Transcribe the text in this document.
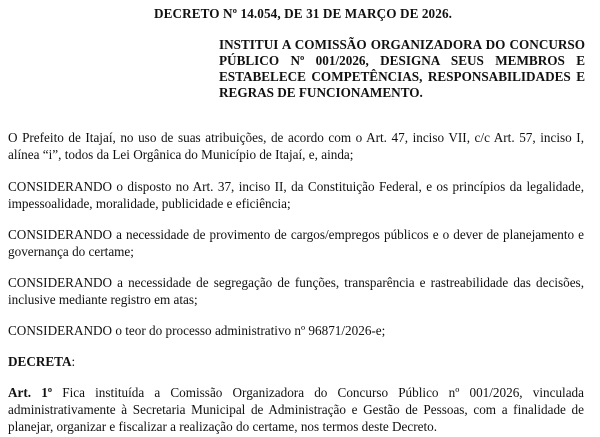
DECRETO Nº 14.054, DE 31 DE MARÇO DE 2026.
INSTITUI A COMISSÃO ORGANIZADORA DO CONCURSO PÚBLICO Nº 001/2026, DESIGNA SEUS MEMBROS E ESTABELECE COMPETÊNCIAS, RESPONSABILIDADES E REGRAS DE FUNCIONAMENTO.
O Prefeito de Itajaí, no uso de suas atribuições, de acordo com o Art. 47, inciso VII, c/c Art. 57, inciso I, alínea “i”, todos da Lei Orgânica do Município de Itajaí, e, ainda;
CONSIDERANDO o disposto no Art. 37, inciso II, da Constituição Federal, e os princípios da legalidade, impessoalidade, moralidade, publicidade e eficiência;
CONSIDERANDO a necessidade de provimento de cargos/empregos públicos e o dever de planejamento e governança do certame;
CONSIDERANDO a necessidade de segregação de funções, transparência e rastreabilidade das decisões, inclusive mediante registro em atas;
CONSIDERANDO o teor do processo administrativo nº 96871/2026-e;
DECRETA:
Art. 1º Fica instituída a Comissão Organizadora do Concurso Público nº 001/2026, vinculada administrativamente à Secretaria Municipal de Administração e Gestão de Pessoas, com a finalidade de planejar, organizar e fiscalizar a realização do certame, nos termos deste Decreto.
